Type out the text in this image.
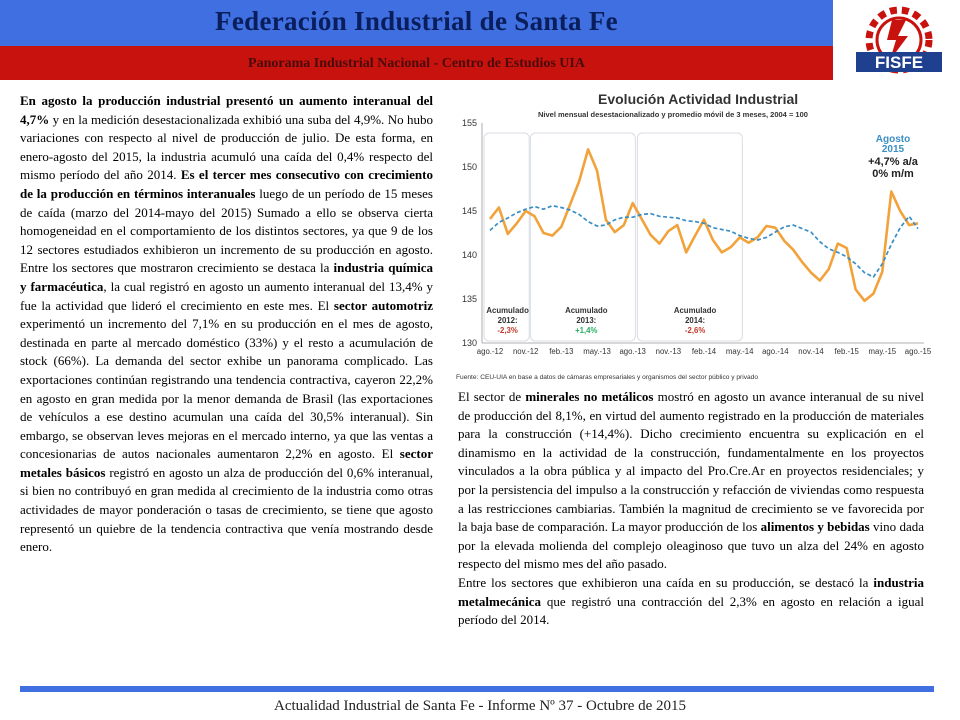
Federación Industrial de Santa Fe
Panorama Industrial Nacional - Centro de Estudios UIA	FISFE

En agosto la producción industrial presentó un aumento interanual del 4,7% y en la medición desestacionalizada exhibió una suba del 4,9%. No hubo variaciones con respecto al nivel de producción de julio. De esta forma, en enero-agosto del 2015, la industria acumuló una caída del 0,4% respecto del mismo período del año 2014. Es el tercer mes consecutivo con crecimiento de la producción en términos interanuales luego de un período de 15 meses de caída (marzo del 2014-mayo del 2015) Sumado a ello se observa cierta homogeneidad en el comportamiento de los distintos sectores, ya que 9 de los 12 sectores estudiados exhibieron un incremento de su producción en agosto. Entre los sectores que mostraron crecimiento se destaca la industria química y farmacéutica, la cual registró en agosto un aumento interanual del 13,4% y fue la actividad que lideró el crecimiento en este mes. El sector automotriz experimentó un incremento del 7,1% en su producción en el mes de agosto, destinada en parte al mercado doméstico (33%) y el resto a acumulación de stock (66%). La demanda del sector exhibe un panorama complicado. Las exportaciones continúan registrando una tendencia contractiva, cayeron 22,2% en agosto en gran medida por la menor demanda de Brasil (las exportaciones de vehículos a ese destino acumulan una caída del 30,5% interanual). Sin embargo, se observan leves mejoras en el mercado interno, ya que las ventas a concesionarias de autos nacionales aumentaron 2,2% en agosto. El sector metales básicos registró en agosto un alza de producción del 0,6% interanual, si bien no contribuyó en gran medida al crecimiento de la industria como otras actividades de mayor ponderación o tasas de crecimiento, se tiene que agosto representó un quiebre de la tendencia contractiva que venía mostrando desde enero.

Evolución Actividad Industrial
Nivel mensual desestacionalizado y promedio móvil de 3 meses, 2004 = 100
130
135
140
145
150
155
ago.-12 nov.-12 feb.-13 may.-13 ago.-13 nov.-13 feb.-14 may.-14 ago.-14 nov.-14 feb.-15 may.-15 ago.-15
Acumulado
2012:
-2,3%
Acumulado
2013:
+1,4%
Acumulado
2014:
-2,6%
Agosto
2015
+4,7% a/a
0% m/m
Fuente: CEU-UIA en base a datos de cámaras empresariales y organismos del sector público y privado

El sector de minerales no metálicos mostró en agosto un avance interanual de su nivel de producción del 8,1%, en virtud del aumento registrado en la producción de materiales para la construcción (+14,4%). Dicho crecimiento encuentra su explicación en el dinamismo en la actividad de la construcción, fundamentalmente en los proyectos vinculados a la obra pública y al impacto del Pro.Cre.Ar en proyectos residenciales; y por la persistencia del impulso a la construcción y refacción de viviendas como respuesta a las restricciones cambiarias. También la magnitud de crecimiento se ve favorecida por la baja base de comparación. La mayor producción de los alimentos y bebidas vino dada por la elevada molienda del complejo oleaginoso que tuvo un alza del 24% en agosto respecto del mismo mes del año pasado.

Entre los sectores que exhibieron una caída en su producción, se destacó la industria metalmecánica que registró una contracción del 2,3% en agosto en relación a igual período del 2014.

Actualidad Industrial de Santa Fe - Informe Nº 37 - Octubre de 2015
